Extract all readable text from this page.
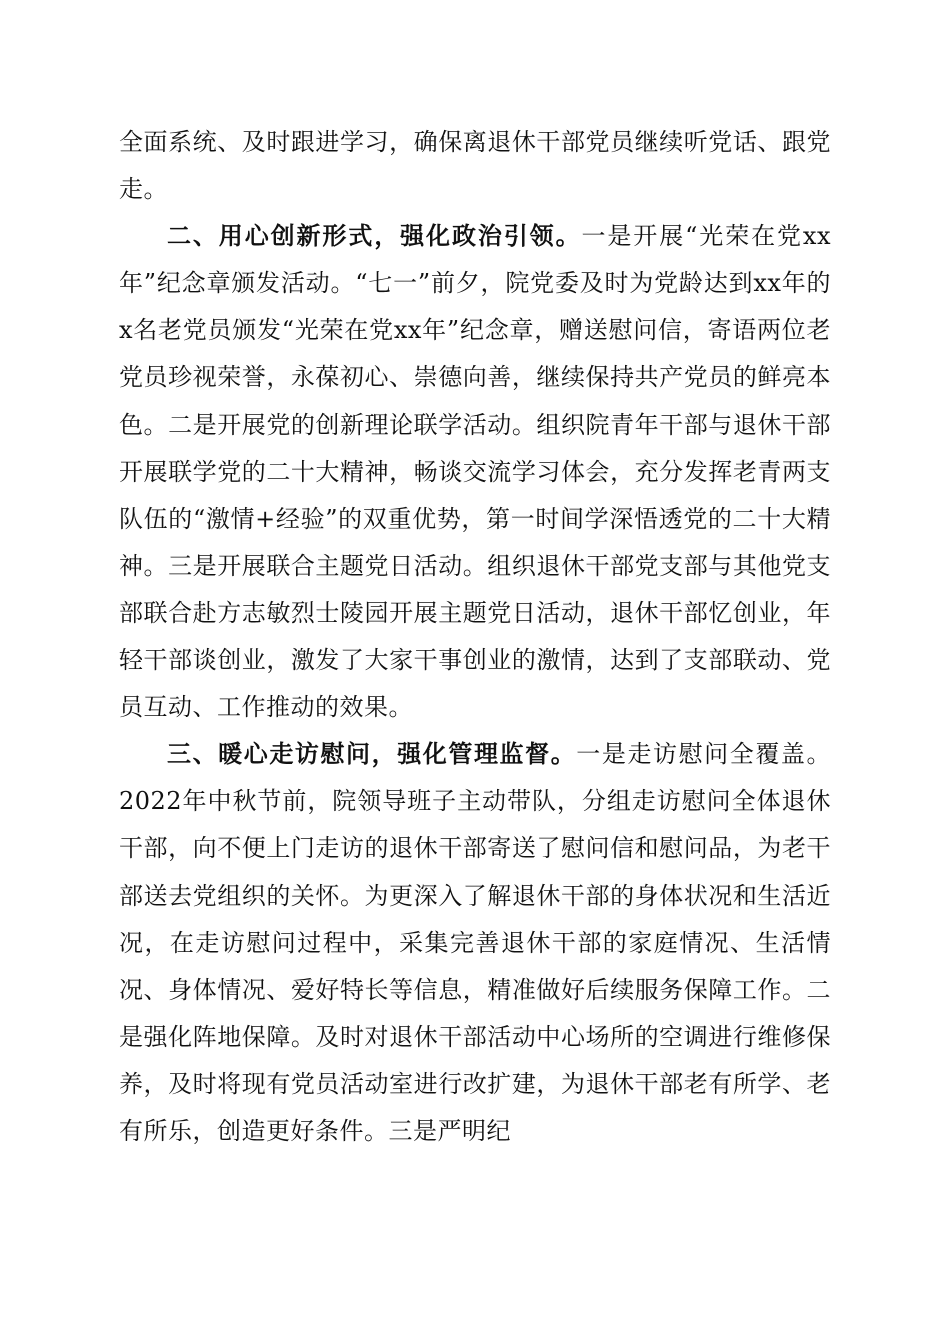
全面系统、及时跟进学习，确保离退休干部党员继续听党话、跟党走。

二、用心创新形式，强化政治引领。一是开展“光荣在党xx年”纪念章颁发活动。“七一”前夕，院党委及时为党龄达到xx年的x名老党员颁发“光荣在党xx年”纪念章，赠送慰问信，寄语两位老党员珍视荣誉，永葆初心、崇德向善，继续保持共产党员的鲜亮本色。二是开展党的创新理论联学活动。组织院青年干部与退休干部开展联学党的二十大精神，畅谈交流学习体会，充分发挥老青两支队伍的“激情+经验”的双重优势，第一时间学深悟透党的二十大精神。三是开展联合主题党日活动。组织退休干部党支部与其他党支部联合赴方志敏烈士陵园开展主题党日活动，退休干部忆创业，年轻干部谈创业，激发了大家干事创业的激情，达到了支部联动、党员互动、工作推动的效果。

三、暖心走访慰问，强化管理监督。一是走访慰问全覆盖。2022年中秋节前，院领导班子主动带队，分组走访慰问全体退休干部，向不便上门走访的退休干部寄送了慰问信和慰问品，为老干部送去党组织的关怀。为更深入了解退休干部的身体状况和生活近况，在走访慰问过程中，采集完善退休干部的家庭情况、生活情况、身体情况、爱好特长等信息，精准做好后续服务保障工作。二是强化阵地保障。及时对退休干部活动中心场所的空调进行维修保养，及时将现有党员活动室进行改扩建，为退休干部老有所学、老有所乐，创造更好条件。三是严明纪
